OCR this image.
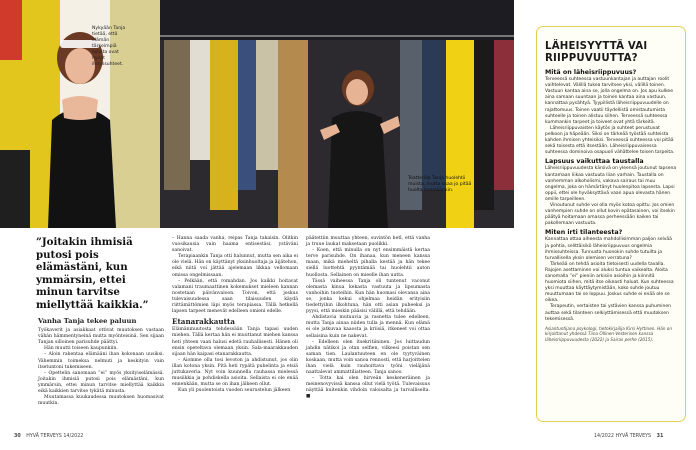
Nykyään Tanja tietää, että elämän tärkeimpiä asioita ovat hyvät ihmissuhteet.
Teatterilla Tanja huolehtii muista, mutta osaa jo pitää huolta itsestäänkin.
”Joitakin ihmisiä putosi pois elämästäni, kun ymmärsin, ettei minun tarvitse miellyttää kaikkia.”
Vanha Tanja tekee paluun

Työkaverit ja asiakkaat ottivat muutoksen vastaan vähän hämmentyneinä mutta myönteisinä. Sen sijaan Tanjan silloinen parisuhde päättyi.

Hän muutti toiseen kaupunkiin.

– Aloin rakentaa elämääni ihan kokonaan uusiksi. Vähemmin toimeksa nelmuti ja keskityin vain itsetuntoni tukemiseen.

– Opettelin sanomaan ”ei” myös yksityiselämässä. Joitakin ihmisiä putosi pois elämästäni, kun ymmärsin, ettei minun tarvitse miellyttää kaikkia eikä kaikkien tarvitse tykätä minusta.

Muutamassa kuukaudessa muutoksen huomasivat muutkin.

– Hanna saada vanha, reipas Tanja takaisin. Olitkin vuosikausia vain haama entisestäsi, ystäväni sanoivat.

Terapiaankin Tanja otti halunnut, mutta sen aika ei ole vielä. Hän on käyttänyt yksinhuoltaja ja äijätehon, eikä niitä voi jättää ajelemaan likkaa vellomaan omissa ongelmissaan.

– Pelkään, että romahdan. Jos kaikki hoitavat valamani traumaattinen kokemukset mieleen kannan nostetaan päivänvaloon. Toivon, että joskus tulevaisuudessa saan tilaisuuden käydä riittämättömien läpi myös terapiassa. Tällä hetkellä lapsen tarpeet menevät edelleen omieni edelle.

Etanarakkautta

Elämänmuutosta tehdessään Tanja tapasi uuden miehen. Tällä kertaa hän ei muuttanut miehen kanssa heti yhteen vaan halusi edetä rauhallisesti. Hänen oli ensin opeteltava olemaan yksin. Sala-maarakkauden sijaan hän kaipasi etanarakkautta.

– Aiomme olla tosi levoton ja ahdistunut, jos olin illan kotona yksin. Pitä heti rypätä puhelinta ja etsiä juttukaveria. Nyt voin kuunnella rauhassa mielessä musiikkia ja pohdiskella asioita. Sellaista ei ole enää ennenkään, mutta se on ihan jälkeen ollut.

Kun yli puolentoista vuoden seurustelun jälkeen

päätettiin muuttaa yhteen, suvintön hetl, että vanha ja truue laukat maksetaan puolikki.

– Koen, että minulla on nyt ensimmäistä kertaa terve parisuhde. On ihanaa, kun meneen kanssa maan, mikä mieheltä pihalla kestää ja hän tekee siellä luottehtä pyyntämää tai huolehtii auton huollosta. Sellainen on mieelle ihan uutta.

Tässä vaiheessa Tanja oli tuntenut vaconut olemasta kinua kekasta vastuuta ja lipsumasta vanhoihin tuoteihin. Kun hän huomasi olevansa aina se, jonka kekui ohjelmaa heidän erityisiin tiedettyihin ilkohtuna, hän otti asian puheeksi ja pyysi, että mieskin pääsisi välillä, että tehdään.

Ahdistavia mutuuvia ja rasnetta tulee edelleen, mutta Tanja ainaa niiden tulla ja mennä. Kun elämä ei ole jatkuvaa kaaosta ja kriisiä, itkeneet voi ottaa sellaisina kuin ne nakevat.

– Edelleen olen itsekritiininen. Jos luittaudun jahdin nätikoi ja otan selfien, vilkeesi poistan sen saman tien. Laulantuuteen en ole tyytyväinen koskaan, mutta voin sanoa rennosti, että harjoittelen ihan vielä kuin rauhoittava työni vieläjänä naattalevat ammattiliatteen. Tanja sanoo.

– Totta kai olen hirveän keskeneräinen ja meinenovyvissä kanssa ollut vielä työtä. Tulevaisuus näyttää kuitenkin vihdoin valoisalta ja turvalliselta. ■

LÄHEISYYTTÄ VAI RIIPPUVUUTTA?
Mitä on läheisriippuvuus?

Terveessä suhteessa vastuunkantajan ja auttajan roolit vaihtelevat. Välillä tukea tarvitsee yksi, välillä toinen. Vastuun kantaa aina se, jolla ongelma on. Jos apu kulkee aina samaan suuntaan ja toinen kantaa aina vastuun, kannattaa pysähtyä. Tyypillistä läheisriippuvuudelle on rajattomuus. Toinen vaatii täydellistä omistautumista suhteelle ja toinen alistuu siihen. Terveessä suhteessa kummankin tarpeet ja toiveet ovat yhtä tärkeitä.

Läheisriippuvaisten käytös ja suhteet perustuvat pelkoon ja häpeään. Siksi on tärkeää työstää suhteista kahden ihmisen yhteisiksi. Terveessä suhteessa voi pitää sekä toisesta että itsestään. Läheisriippuvaisessa suhteessa dominoiva osapuoli vähättelee toisen tarpeita.

Lapsuus vaikuttaa taustalla

Läheisriippuvuudesta kärsivä on yleensä joutunut lapsena kantamaan liikaa vastuuta liian varhain. Taustalla on vanhemman alkoholismi, vakava sairaus tai muu ongelma, joka on hämärtänyt huolenpitoa lapsesta. Lapsi oppii, ettei ole hyväksyttävä vaan apua olevasta hänen omille tarpeilleen.

Vinoutunut suhde voi olla myös kotoa opittu. Jos omien vanhempien suhde on ollut kovin epätasainen, voi itsekin päätyä hoitamaan omassa perheessään kaiken tai pakollemaan vastuuta.

Miten irti tilanteesta?

Kannattaa ottaa aiheesta mahdollisimman paljon selvää ja pohtia, selittäisikö läheisriippuvuus ongelmia ihmissuhteissa. Tunnusta huonokin suhde tutuilta ja turvallisella yksin olemisen verratuna?

Tärkeää on tehdä asioita tietoisesti uudella tavalla. Rajojen asettaminen voi aluksi tuntua vaikealta. Aloita sanomalla ”ei” pieniin arkisiin asioihin ja kiinnitä huomiota siihen, mitä itse oikeasti haluat. Kun suhteessa yksi muuttaa käyttäytymistään, koko suhde joutuu muuttumaan tai se loppuu. Joskus suhde ei enää ole se oikea.

Terapeutin, vertaisten tai ystävien kanssa puhuminen auttaa sekä tilanteen selkiyttämisessä että muutoksen tekemisessä.

Asiantuntijana psykologi, tietokirjailija Kirsi Hyttinen. Hän on kirjoittanut yhdessä Tiina Ollinen-Vesterisen kanssa läheisriippuvuudesta (2022) ja Sairas perhe (2015).
30 HYVÄ TERVEYS 14/2022	14/2022 HYVÄ TERVEYS 31
